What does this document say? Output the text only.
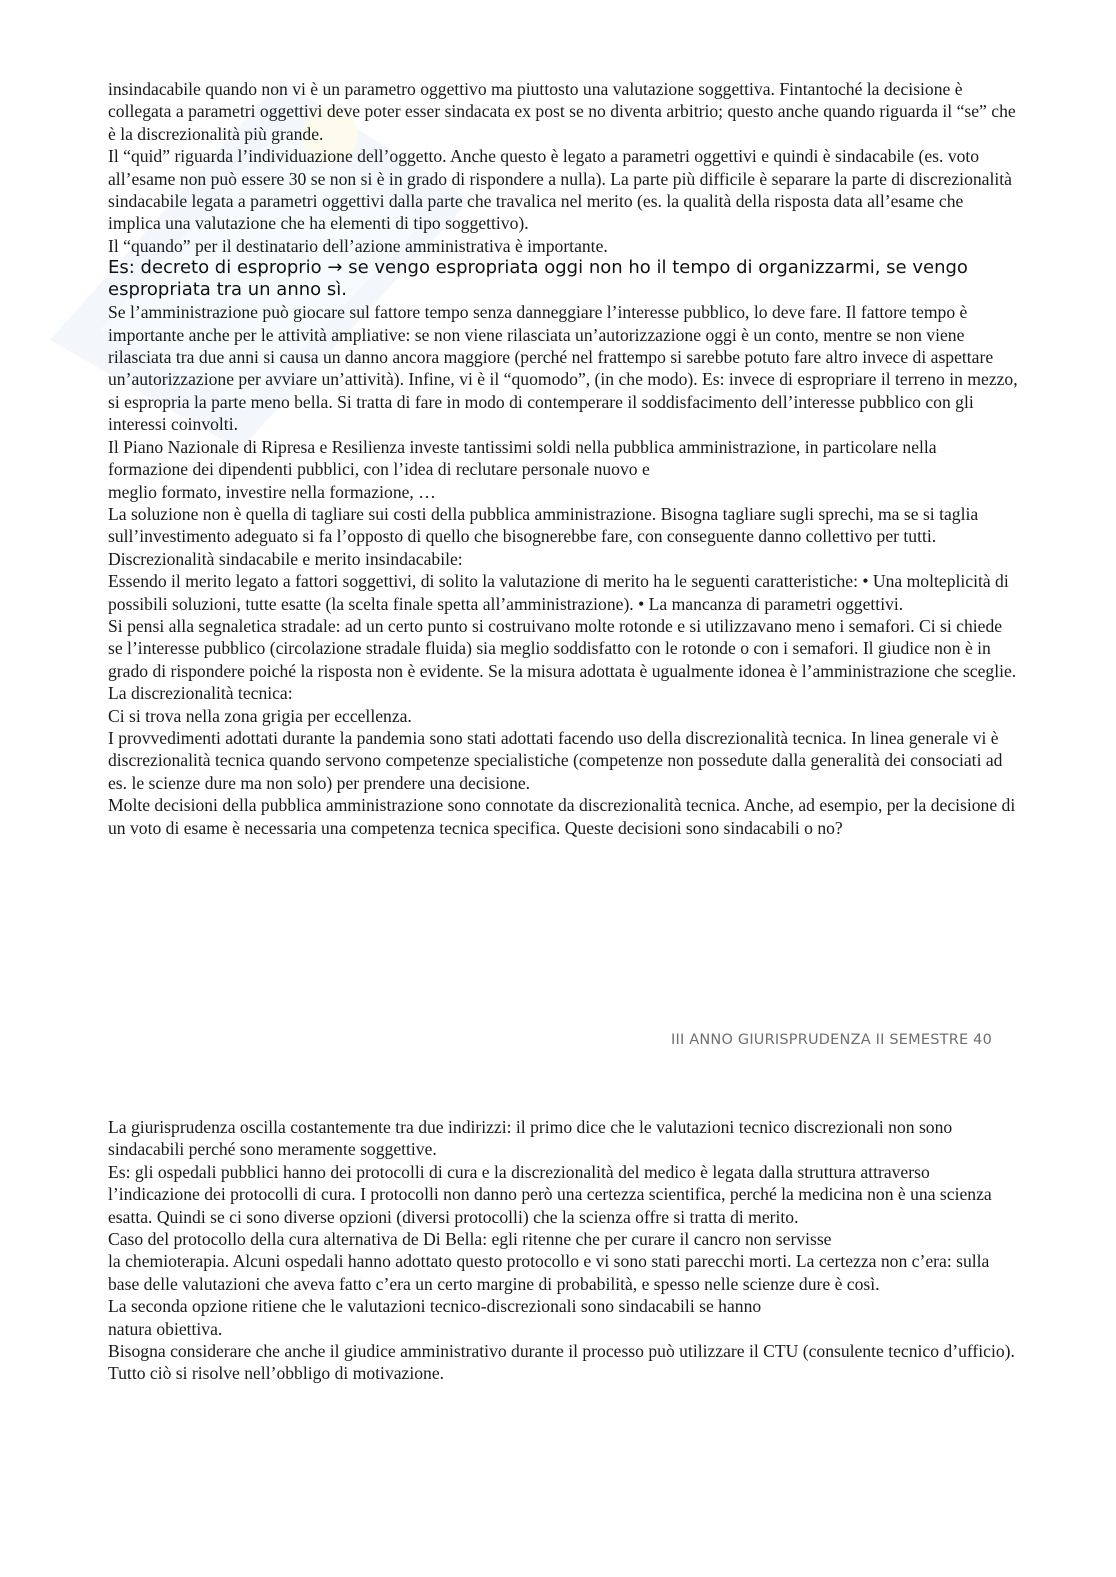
insindacabile quando non vi è un parametro oggettivo ma piuttosto una valutazione soggettiva. Fintantoché la decisione è collegata a parametri oggettivi deve poter esser sindacata ex post se no diventa arbitrio; questo anche quando riguarda il “se” che è la discrezionalità più grande.

Il “quid” riguarda l’individuazione dell’oggetto. Anche questo è legato a parametri oggettivi e quindi è sindacabile (es. voto all’esame non può essere 30 se non si è in grado di rispondere a nulla). La parte più difficile è separare la parte di discrezionalità sindacabile legata a parametri oggettivi dalla parte che travalica nel merito (es. la qualità della risposta data all’esame che implica una valutazione che ha elementi di tipo soggettivo).

Il “quando” per il destinatario dell’azione amministrativa è importante.

Es: decreto di esproprio → se vengo espropriata oggi non ho il tempo di organizzarmi, se vengo espropriata tra un anno sì.

Se l’amministrazione può giocare sul fattore tempo senza danneggiare l’interesse pubblico, lo deve fare. Il fattore tempo è importante anche per le attività ampliative: se non viene rilasciata un’autorizzazione oggi è un conto, mentre se non viene rilasciata tra due anni si causa un danno ancora maggiore (perché nel frattempo si sarebbe potuto fare altro invece di aspettare un’autorizzazione per avviare un’attività). Infine, vi è il “quomodo”, (in che modo). Es: invece di espropriare il terreno in mezzo, si espropria la parte meno bella. Si tratta di fare in modo di contemperare il soddisfacimento dell’interesse pubblico con gli interessi coinvolti.

Il Piano Nazionale di Ripresa e Resilienza investe tantissimi soldi nella pubblica amministrazione, in particolare nella formazione dei dipendenti pubblici, con l’idea di reclutare personale nuovo e

meglio formato, investire nella formazione, …

La soluzione non è quella di tagliare sui costi della pubblica amministrazione. Bisogna tagliare sugli sprechi, ma se si taglia sull’investimento adeguato si fa l’opposto di quello che bisognerebbe fare, con conseguente danno collettivo per tutti.

Discrezionalità sindacabile e merito insindacabile:

Essendo il merito legato a fattori soggettivi, di solito la valutazione di merito ha le seguenti caratteristiche: • Una molteplicità di possibili soluzioni, tutte esatte (la scelta finale spetta all’amministrazione). • La mancanza di parametri oggettivi.

Si pensi alla segnaletica stradale: ad un certo punto si costruivano molte rotonde e si utilizzavano meno i semafori. Ci si chiede se l’interesse pubblico (circolazione stradale fluida) sia meglio soddisfatto con le rotonde o con i semafori. Il giudice non è in grado di rispondere poiché la risposta non è evidente. Se la misura adottata è ugualmente idonea è l’amministrazione che sceglie.

La discrezionalità tecnica:

Ci si trova nella zona grigia per eccellenza.

I provvedimenti adottati durante la pandemia sono stati adottati facendo uso della discrezionalità tecnica. In linea generale vi è discrezionalità tecnica quando servono competenze specialistiche (competenze non possedute dalla generalità dei consociati ad es. le scienze dure ma non solo) per prendere una decisione.

Molte decisioni della pubblica amministrazione sono connotate da discrezionalità tecnica. Anche, ad esempio, per la decisione di un voto di esame è necessaria una competenza tecnica specifica. Queste decisioni sono sindacabili o no?

III ANNO GIURISPRUDENZA II SEMESTRE 40

La giurisprudenza oscilla costantemente tra due indirizzi: il primo dice che le valutazioni tecnico discrezionali non sono sindacabili perché sono meramente soggettive.

Es: gli ospedali pubblici hanno dei protocolli di cura e la discrezionalità del medico è legata dalla struttura attraverso l’indicazione dei protocolli di cura. I protocolli non danno però una certezza scientifica, perché la medicina non è una scienza esatta. Quindi se ci sono diverse opzioni (diversi protocolli) che la scienza offre si tratta di merito.

Caso del protocollo della cura alternativa de Di Bella: egli ritenne che per curare il cancro non servisse

la chemioterapia. Alcuni ospedali hanno adottato questo protocollo e vi sono stati parecchi morti. La certezza non c’era: sulla base delle valutazioni che aveva fatto c’era un certo margine di probabilità, e spesso nelle scienze dure è così.

La seconda opzione ritiene che le valutazioni tecnico-discrezionali sono sindacabili se hanno

natura obiettiva.

Bisogna considerare che anche il giudice amministrativo durante il processo può utilizzare il CTU (consulente tecnico d’ufficio).

Tutto ciò si risolve nell’obbligo di motivazione.
